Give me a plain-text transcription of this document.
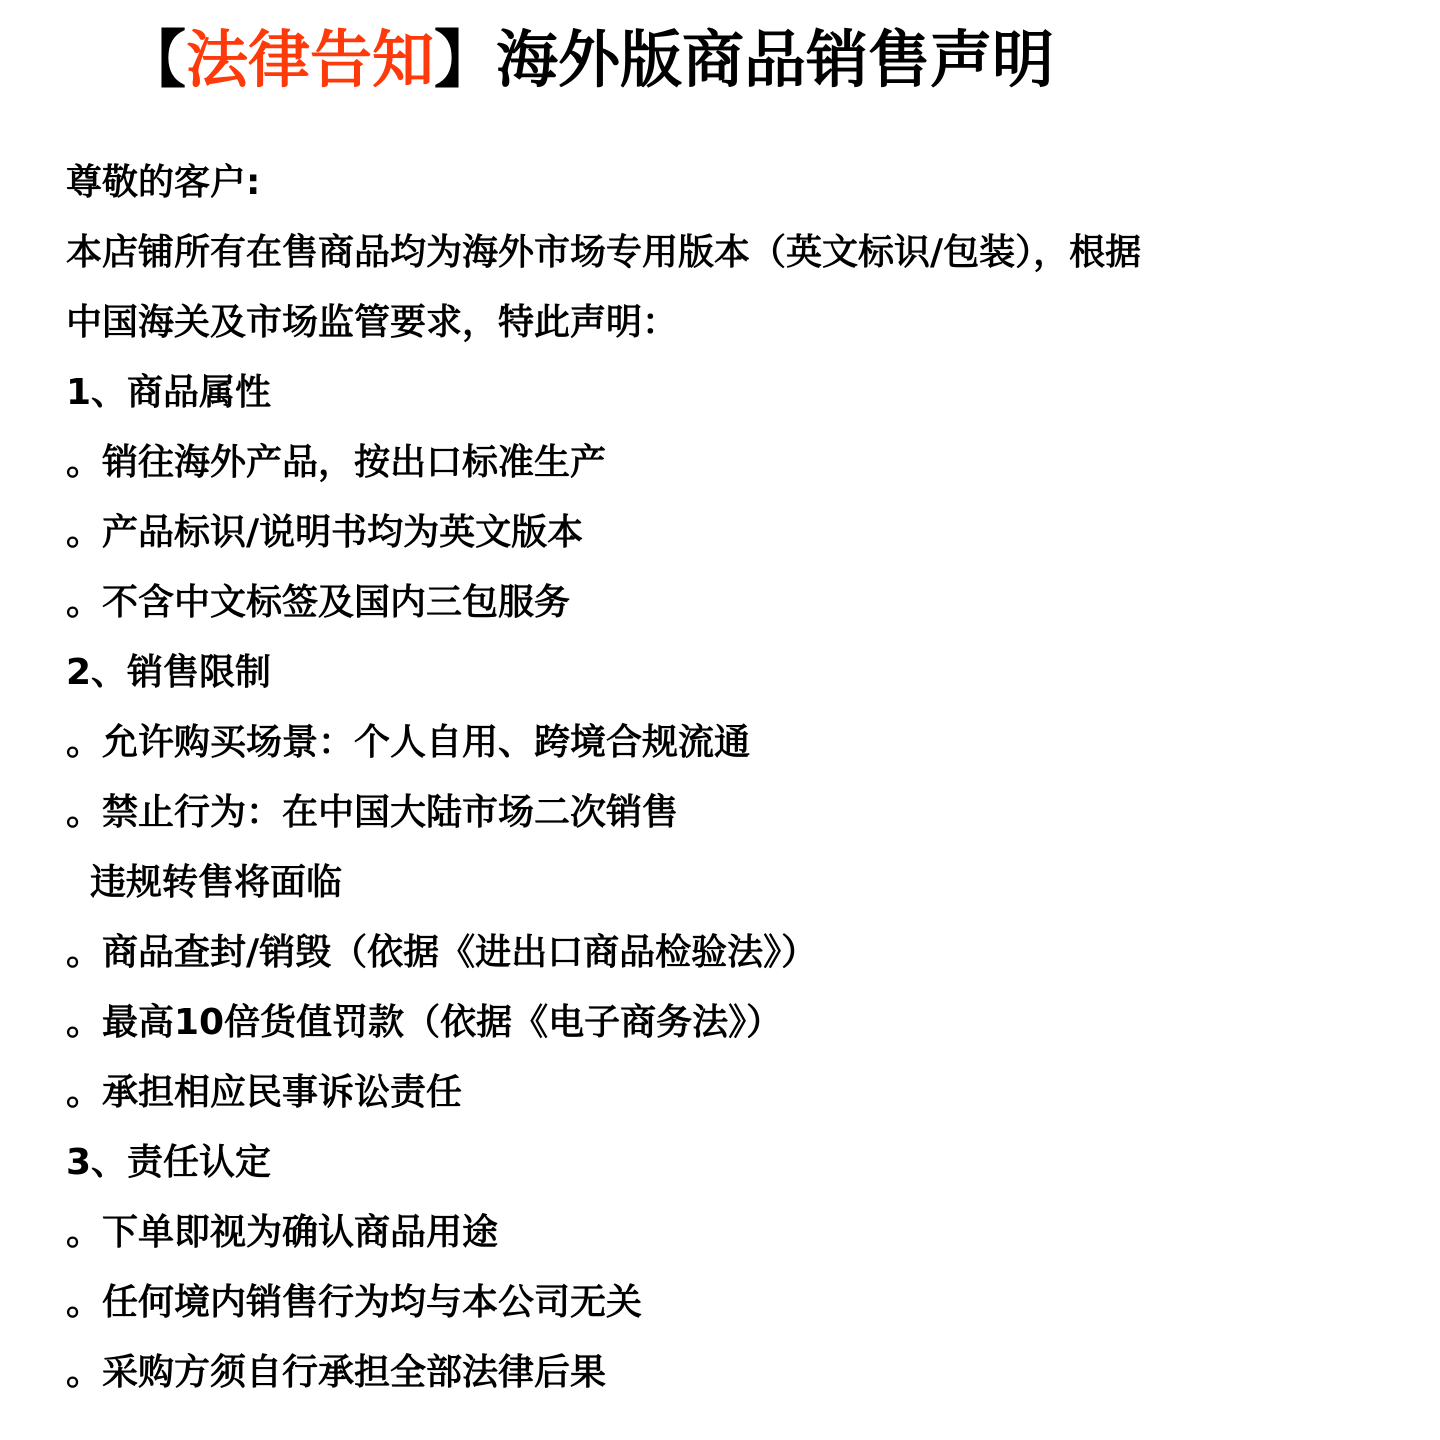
【法律告知】海外版商品销售声明
尊敬的客户:
本店铺所有在售商品均为海外市场专用版本（英文标识/包装），根据
中国海关及市场监管要求，特此声明：
1、商品属性
。销往海外产品，按出口标准生产
。产品标识/说明书均为英文版本
。不含中文标签及国内三包服务
2、销售限制
。允许购买场景：个人自用、跨境合规流通
。禁止行为：在中国大陆市场二次销售
违规转售将面临
。商品查封/销毁（依据《进出口商品检验法》）
。最高10倍货值罚款（依据《电子商务法》）
。承担相应民事诉讼责任
3、责任认定
。下单即视为确认商品用途
。任何境内销售行为均与本公司无关
。采购方须自行承担全部法律后果
